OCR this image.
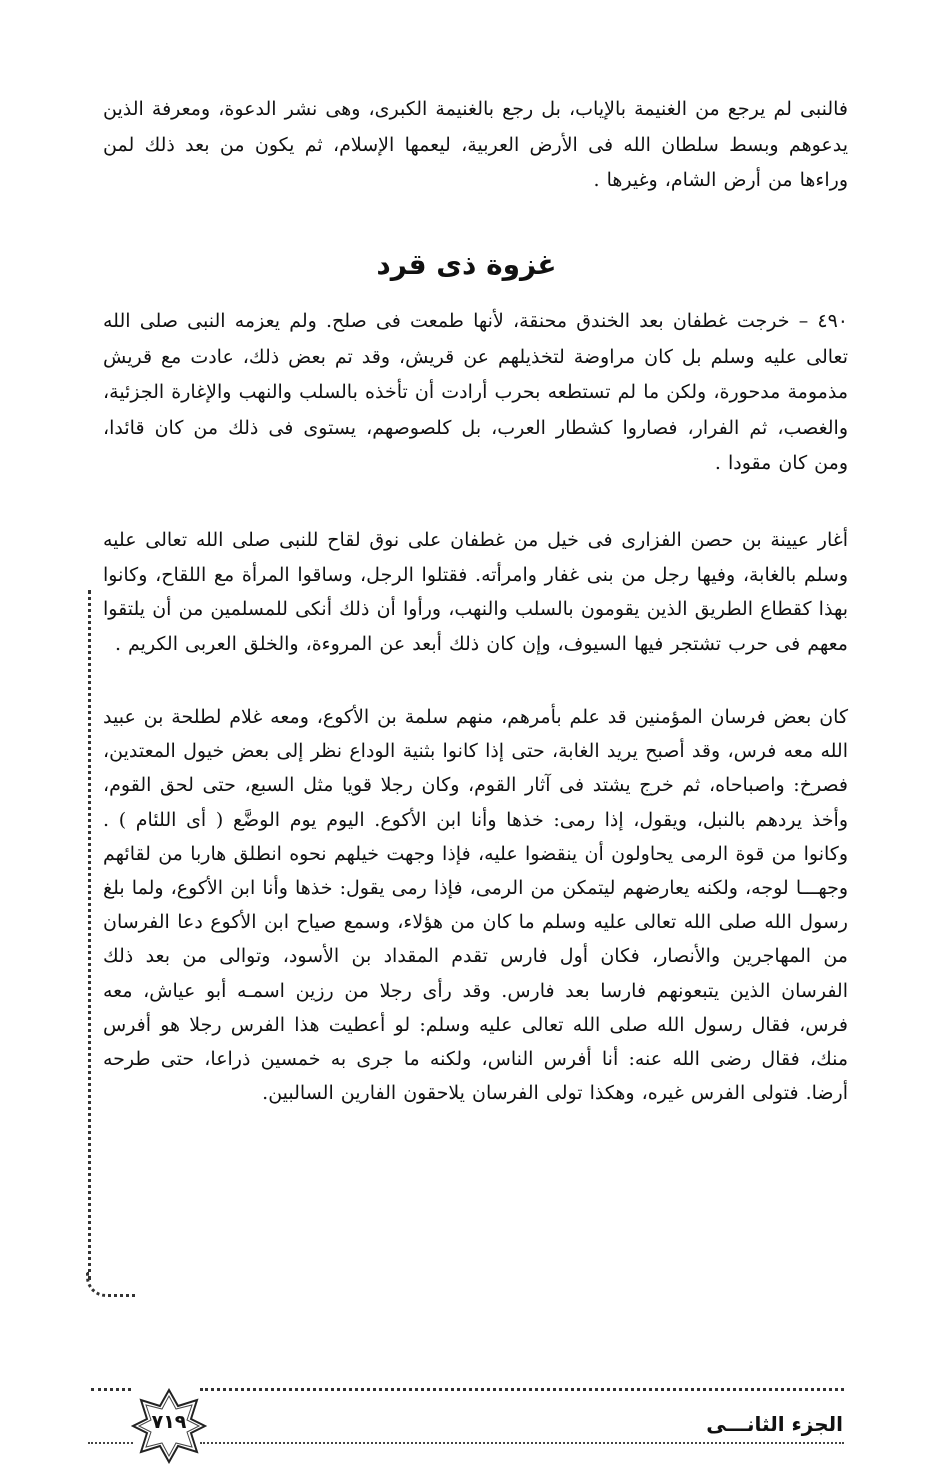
فالنبى لم يرجع من الغنيمة بالإياب، بل رجع بالغنيمة الكبرى، وهى نشر الدعوة، ومعرفة الذين يدعوهم وبسط سلطان الله فى الأرض العربية، ليعمها الإسلام، ثم يكون من بعد ذلك لمن وراءها من أرض الشام، وغيرها .

غزوة ذى قرد

٤٩٠ – خرجت غطفان بعد الخندق محنقة، لأنها طمعت فى صلح. ولم يعزمه النبى صلى الله تعالى عليه وسلم بل كان مراوضة لتخذيلهم عن قريش، وقد تم بعض ذلك، عادت مع قريش مذمومة مدحورة، ولكن ما لم تستطعه بحرب أرادت أن تأخذه بالسلب والنهب والإغارة الجزئية، والغصب، ثم الفرار، فصاروا كشطار العرب، بل كلصوصهم، يستوى فى ذلك من كان قائدا، ومن كان مقودا .

أغار عيينة بن حصن الفزارى فى خيل من غطفان على نوق لقاح للنبى صلى الله تعالى عليه وسلم بالغابة، وفيها رجل من بنى غفار وامرأته. فقتلوا الرجل، وساقوا المرأة مع اللقاح، وكانوا بهذا كقطاع الطريق الذين يقومون بالسلب والنهب، ورأوا أن ذلك أنكى للمسلمين من أن يلتقوا معهم فى حرب تشتجر فيها السيوف، وإن كان ذلك أبعد عن المروءة، والخلق العربى الكريم .

كان بعض فرسان المؤمنين قد علم بأمرهم، منهم سلمة بن الأكوع، ومعه غلام لطلحة بن عبيد الله معه فرس، وقد أصبح يريد الغابة، حتى إذا كانوا بثنية الوداع نظر إلى بعض خيول المعتدين، فصرخ: واصباحاه، ثم خرج يشتد فى آثار القوم، وكان رجلا قويا مثل السبع، حتى لحق القوم، وأخذ يردهم بالنبل، ويقول، إذا رمى: خذها وأنا ابن الأكوع. اليوم يوم الوضَّع ( أى اللئام ) . وكانوا من قوة الرمى يحاولون أن ينقضوا عليه، فإذا وجهت خيلهم نحوه انطلق هاربا من لقائهم وجهـــا لوجه، ولكنه يعارضهم ليتمكن من الرمى، فإذا رمى يقول: خذها وأنا ابن الأكوع، ولما بلغ رسول الله صلى الله تعالى عليه وسلم ما كان من هؤلاء، وسمع صياح ابن الأكوع دعا الفرسان من المهاجرين والأنصار، فكان أول فارس تقدم المقداد بن الأسود، وتوالى من بعد ذلك الفرسان الذين يتبعونهم فارسا بعد فارس. وقد رأى رجلا من رزين اسمـه أبو عياش، معه فرس، فقال رسول الله صلى الله تعالى عليه وسلم: لو أعطيت هذا الفرس رجلا هو أفرس منك، فقال رضى الله عنه: أنا أفرس الناس، ولكنه ما جرى به خمسين ذراعا، حتى طرحه أرضا. فتولى الفرس غيره، وهكذا تولى الفرسان يلاحقون الفارين السالبين.

٧١٩	الجزء الثانـــى
